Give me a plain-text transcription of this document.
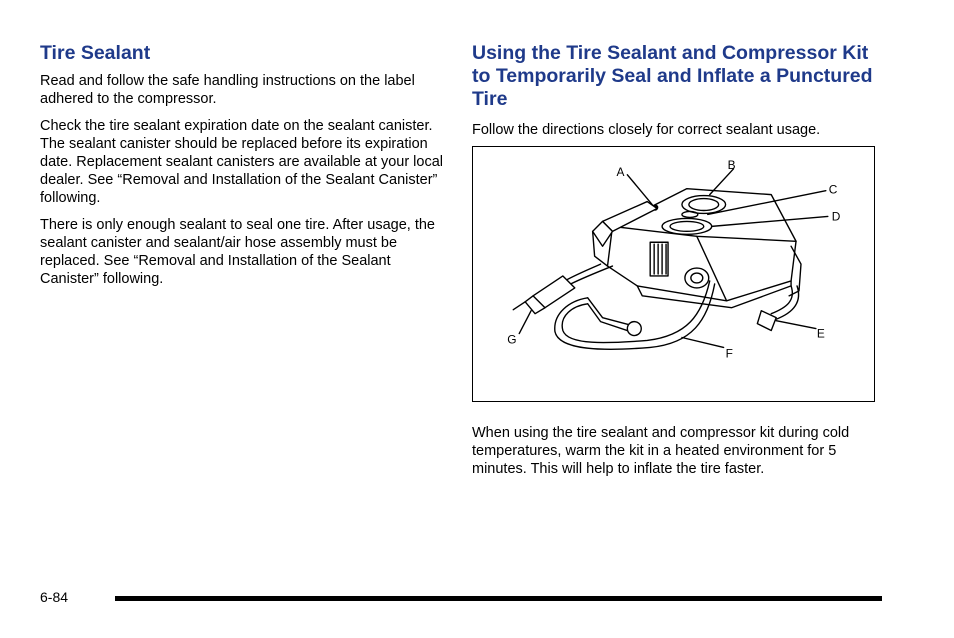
Tire Sealant

Read and follow the safe handling instructions on the label adhered to the compressor.

Check the tire sealant expiration date on the sealant canister. The sealant canister should be replaced before its expiration date. Replacement sealant canisters are available at your local dealer. See “Removal and Installation of the Sealant Canister” following.

There is only enough sealant to seal one tire. After usage, the sealant canister and sealant/air hose assembly must be replaced. See “Removal and Installation of the Sealant Canister” following.

Using the Tire Sealant and Compressor Kit to Temporarily Seal and Inflate a Punctured Tire

Follow the directions closely for correct sealant usage.

A	B
C
D
E
F
G

When using the tire sealant and compressor kit during cold temperatures, warm the kit in a heated environment for 5 minutes. This will help to inflate the tire faster.

6-84
